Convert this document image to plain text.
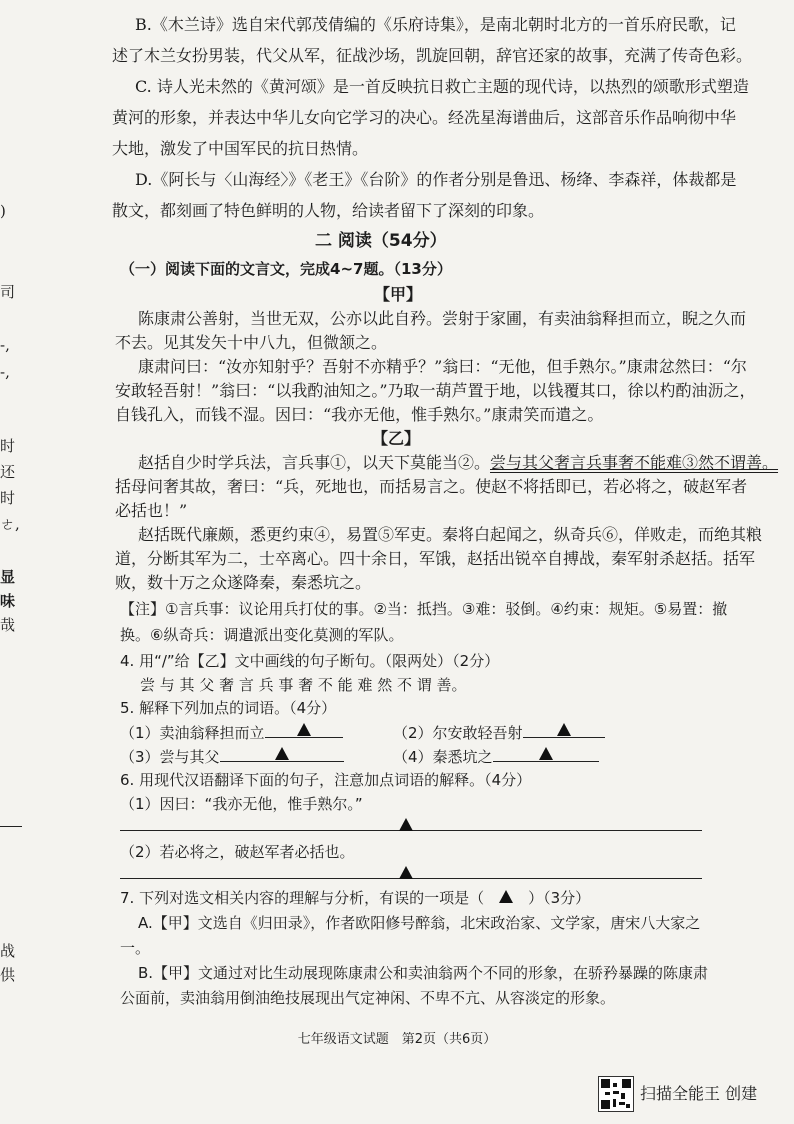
)
司
-,
-,
时
还
时
ㄜ,
显
味
哉
战
供
B.《木兰诗》选自宋代郭茂倩编的《乐府诗集》，是南北朝时北方的一首乐府民歌，记
述了木兰女扮男装，代父从军，征战沙场，凯旋回朝，辞官还家的故事，充满了传奇色彩。
C. 诗人光未然的《黄河颂》是一首反映抗日救亡主题的现代诗，以热烈的颂歌形式塑造
黄河的形象，并表达中华儿女向它学习的决心。经冼星海谱曲后，这部音乐作品响彻中华
大地，激发了中国军民的抗日热情。
D.《阿长与〈山海经〉》《老王》《台阶》的作者分别是鲁迅、杨绛、李森祥，体裁都是
散文，都刻画了特色鲜明的人物，给读者留下了深刻的印象。
二 阅读（54分）
（一）阅读下面的文言文，完成4~7题。（13分）
【甲】
陈康肃公善射，当世无双，公亦以此自矜。尝射于家圃，有卖油翁释担而立，睨之久而
不去。见其发矢十中八九，但微颔之。
康肃问曰：“汝亦知射乎？吾射不亦精乎？”翁曰：“无他，但手熟尔。”康肃忿然曰：“尔
安敢轻吾射！”翁曰：“以我酌油知之。”乃取一葫芦置于地，以钱覆其口，徐以杓酌油沥之，
自钱孔入，而钱不湿。因曰：“我亦无他，惟手熟尔。”康肃笑而遣之。
【乙】
赵括自少时学兵法，言兵事①，以天下莫能当②。尝与其父奢言兵事奢不能难③然不谓善。
括母问奢其故，奢曰：“兵，死地也，而括易言之。使赵不将括即已，若必将之，破赵军者
必括也！”
赵括既代廉颇，悉更约束④，易置⑤军吏。秦将白起闻之，纵奇兵⑥，佯败走，而绝其粮
道，分断其军为二，士卒离心。四十余日，军饿，赵括出锐卒自搏战，秦军射杀赵括。括军
败，数十万之众遂降秦，秦悉坑之。
【注】①言兵事：议论用兵打仗的事。②当：抵挡。③难：驳倒。④约束：规矩。⑤易置：撤
换。⑥纵奇兵：调遣派出变化莫测的军队。
4. 用“/”给【乙】文中画线的句子断句。（限两处）（2分）
尝 与 其 父 奢 言 兵 事 奢 不 能 难 然 不 谓 善。
5. 解释下列加点的词语。（4分）
（1）卖油翁释担而立	（2）尔安敢轻吾射
（3）尝与其父	（4）秦悉坑之
6. 用现代汉语翻译下面的句子，注意加点词语的解释。（4分）
（1）因曰：“我亦无他，惟手熟尔。”
（2）若必将之，破赵军者必括也。
7. 下列对选文相关内容的理解与分析，有误的一项是（	）（3分）
A.【甲】文选自《归田录》，作者欧阳修号醉翁，北宋政治家、文学家，唐宋八大家之
一。
B.【甲】文通过对比生动展现陈康肃公和卖油翁两个不同的形象，在骄矜暴躁的陈康肃
公面前，卖油翁用倒油绝技展现出气定神闲、不卑不亢、从容淡定的形象。
七年级语文试题　第2页（共6页）
扫描全能王 创建
